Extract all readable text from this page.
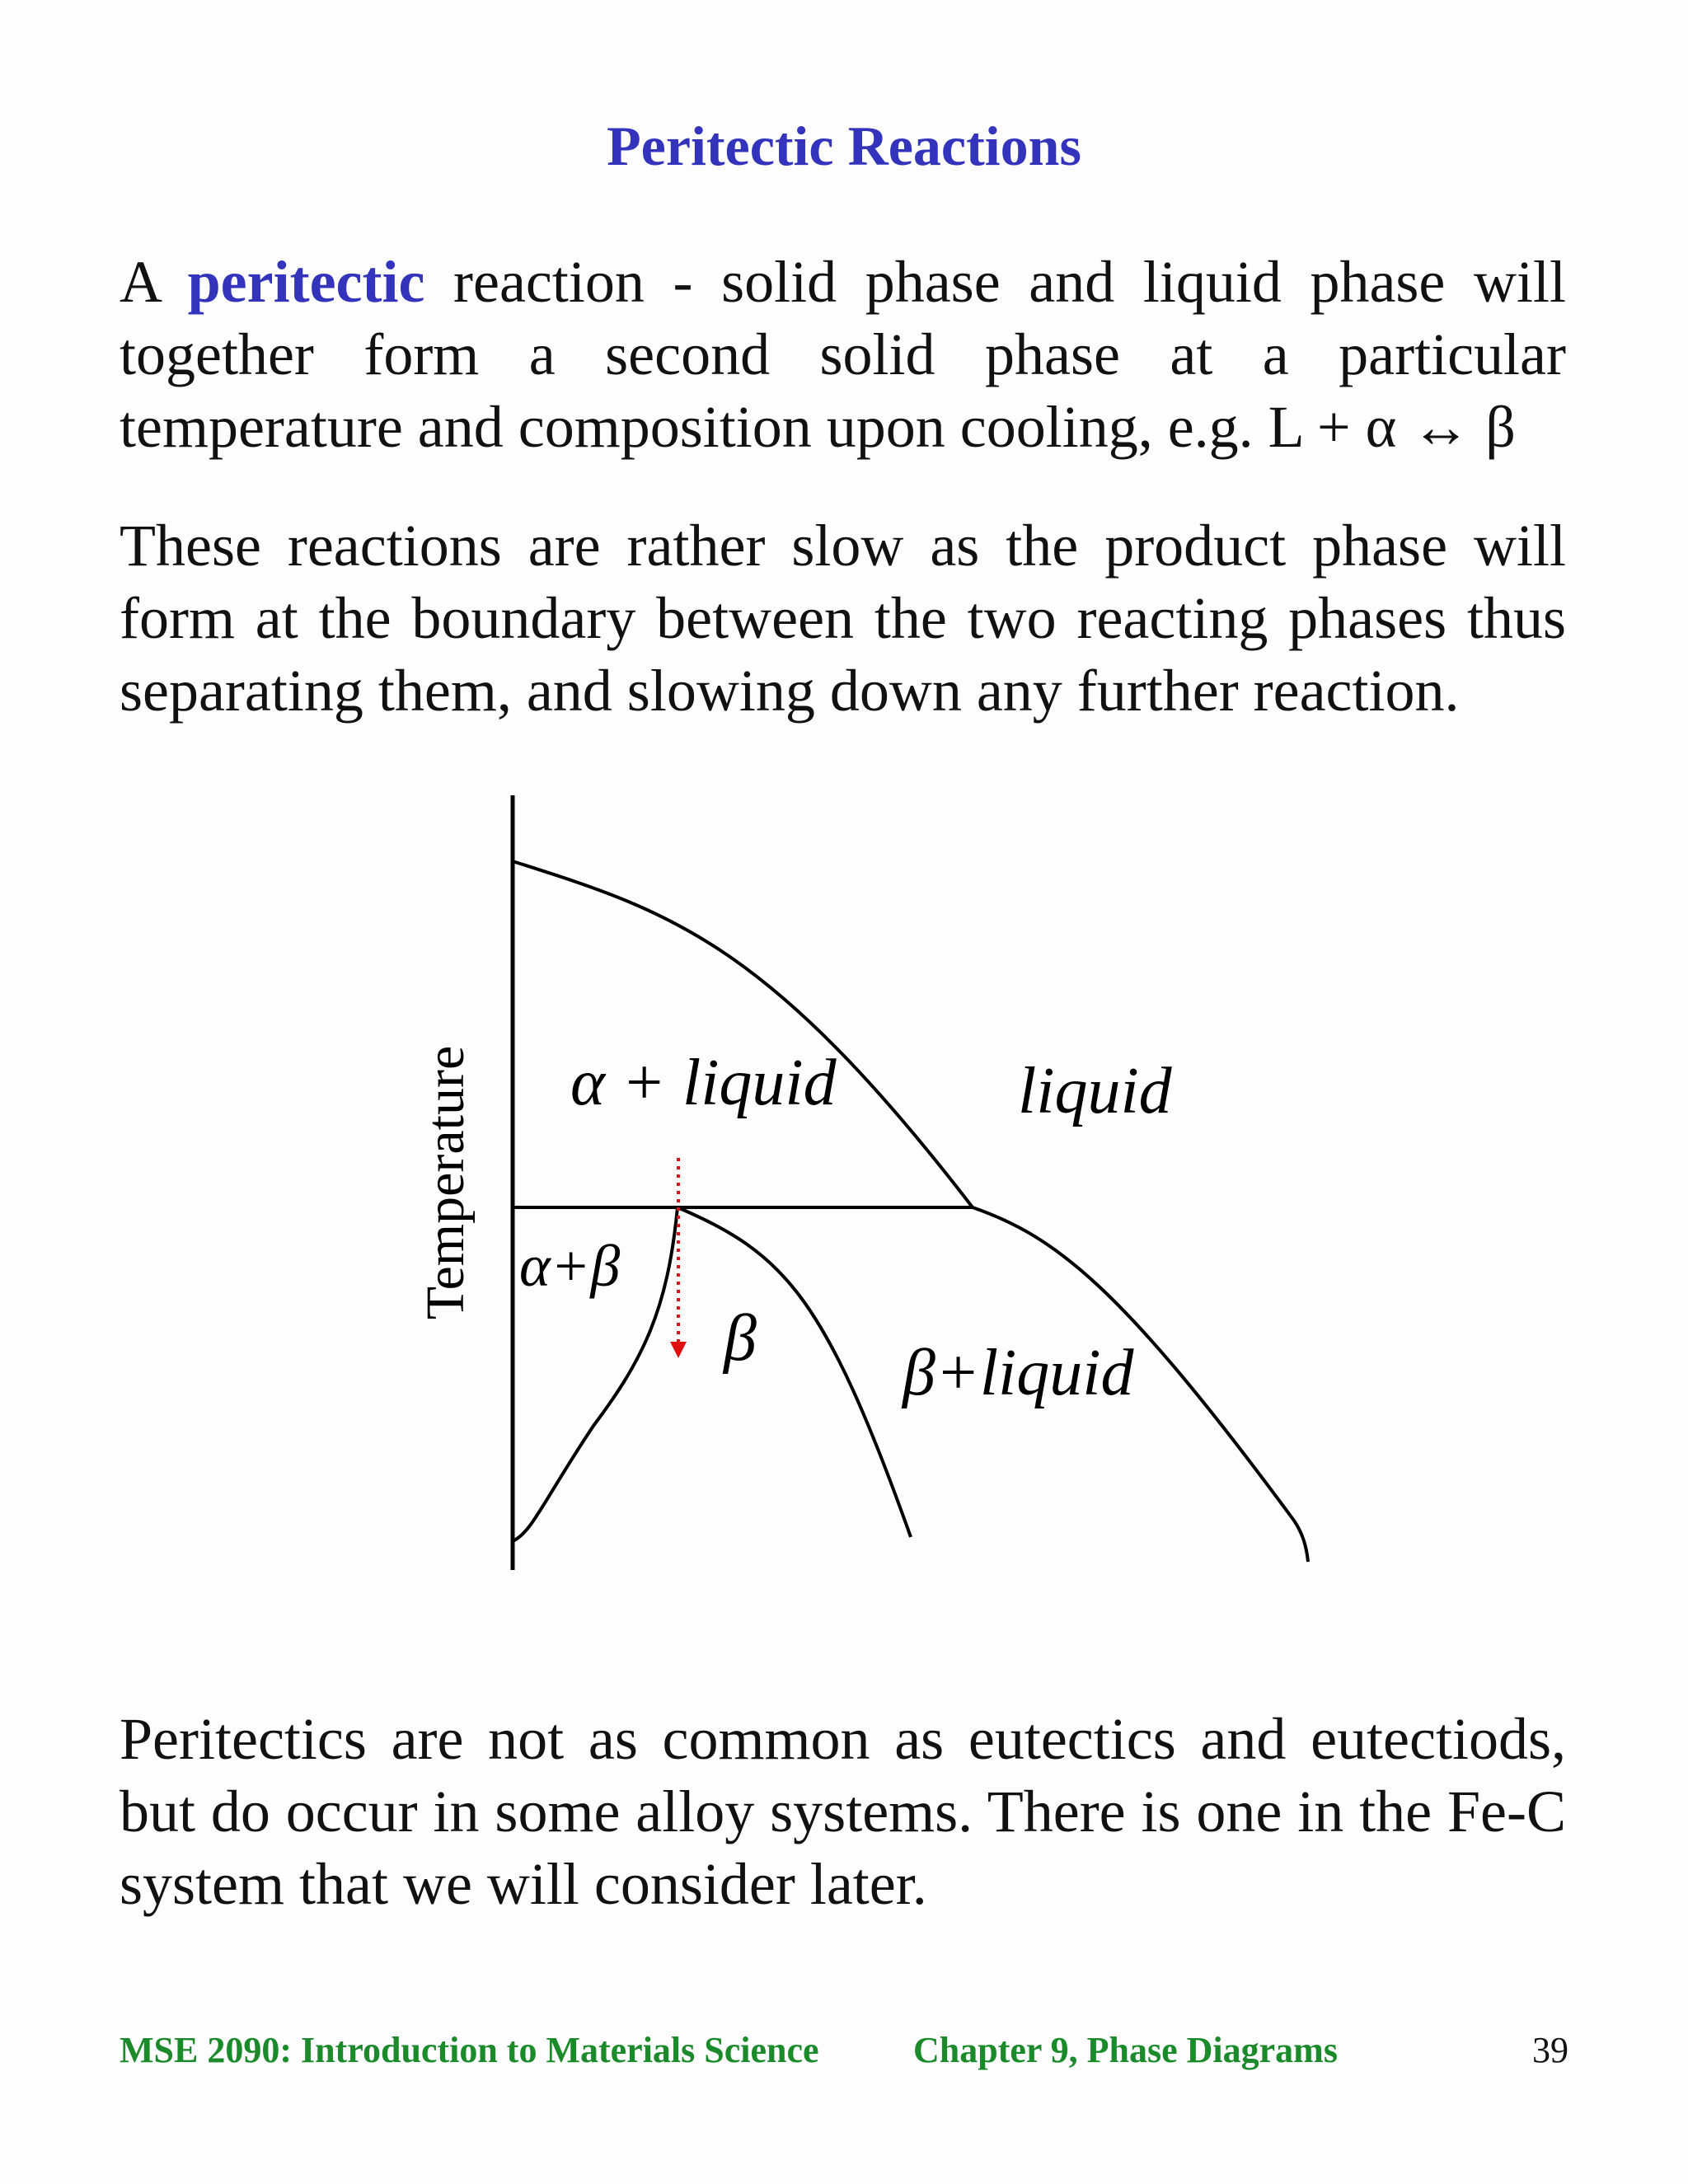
Peritectic Reactions
A peritectic reaction - solid phase and liquid phase will together form a second solid phase at a particular temperature and composition upon cooling, e.g. L + α ↔ β
These reactions are rather slow as the product phase will form at the boundary between the two reacting phases thus separating them, and slowing down any further reaction.
Temperature α + liquid	liquid
α+β
β β+liquid
Peritectics are not as common as eutectics and eutectiods, but do occur in some alloy systems. There is one in the Fe-C system that we will consider later.
MSE 2090: Introduction to Materials Science	Chapter 9, Phase Diagrams	39
